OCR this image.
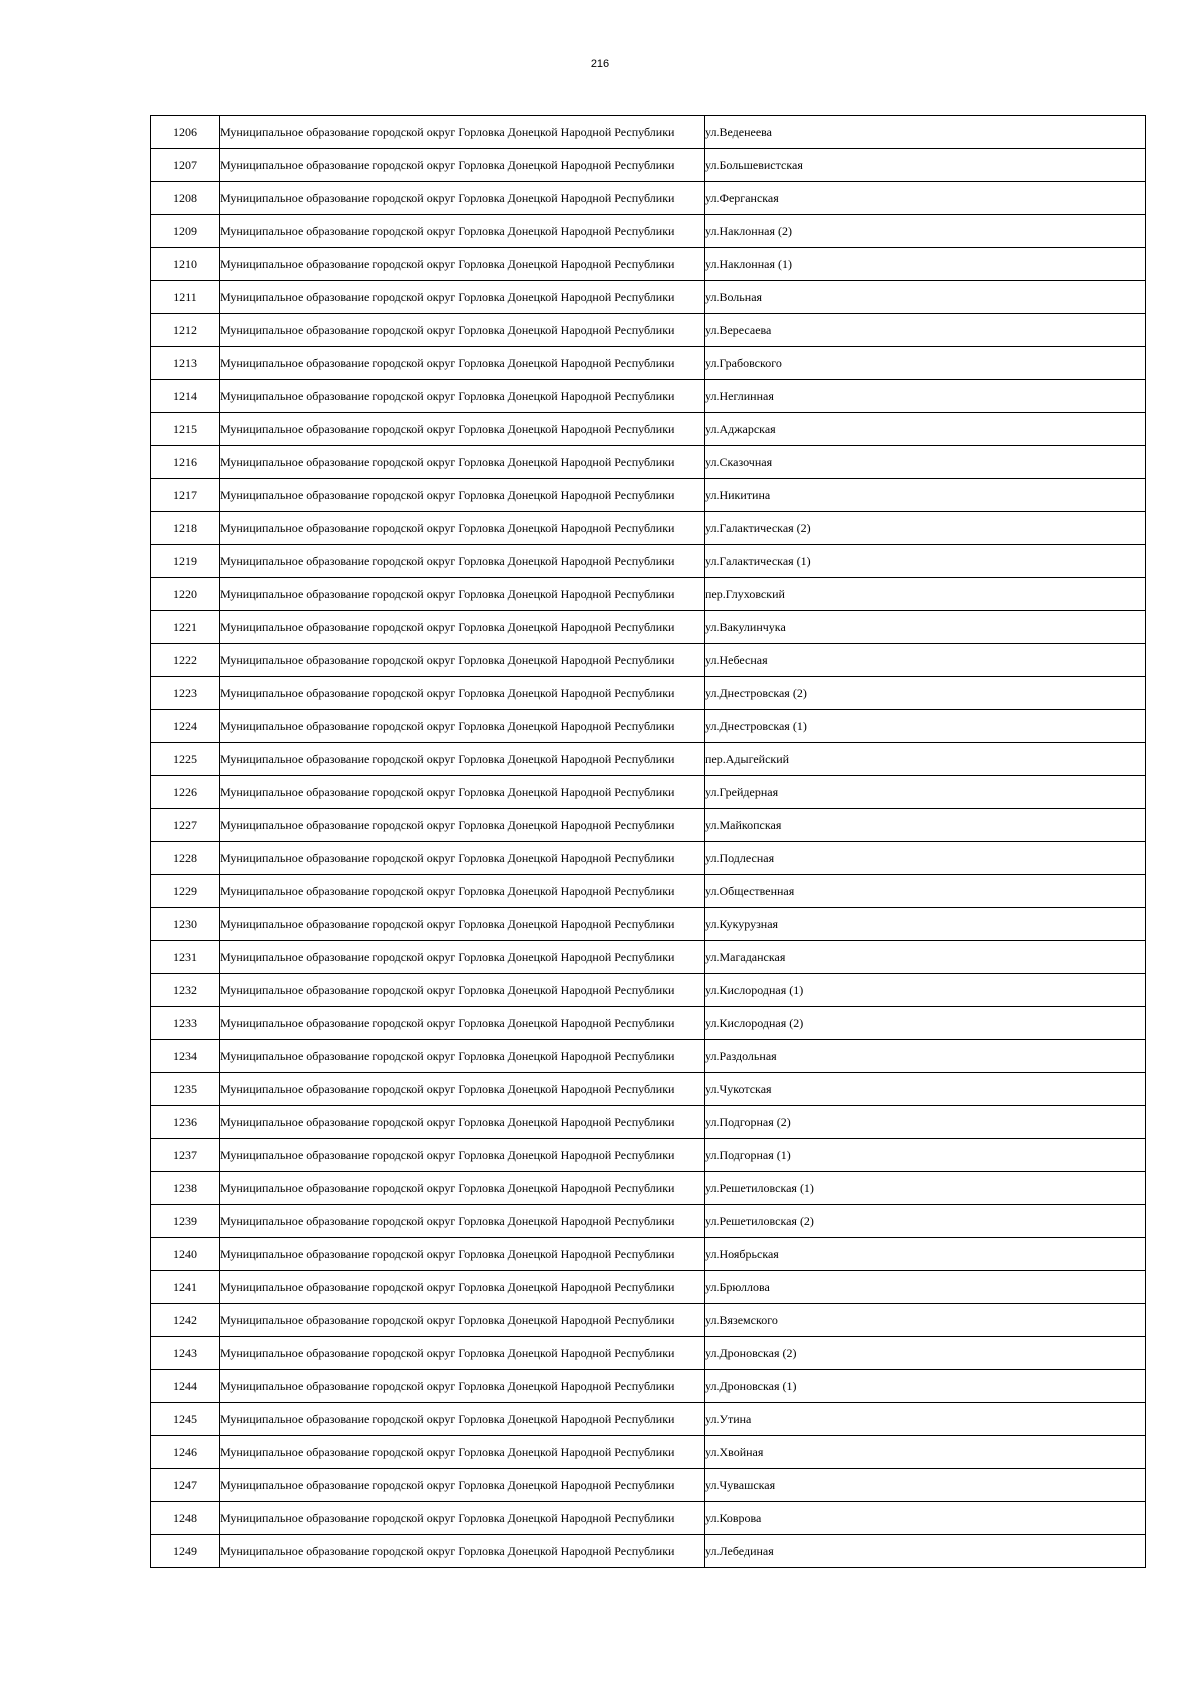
216
1206	Муниципальное образование городской округ Горловка Донецкой Народной Республики	ул.Веденеева
1207	Муниципальное образование городской округ Горловка Донецкой Народной Республики	ул.Большевистская
1208	Муниципальное образование городской округ Горловка Донецкой Народной Республики	ул.Ферганская
1209	Муниципальное образование городской округ Горловка Донецкой Народной Республики	ул.Наклонная (2)
1210	Муниципальное образование городской округ Горловка Донецкой Народной Республики	ул.Наклонная (1)
1211	Муниципальное образование городской округ Горловка Донецкой Народной Республики	ул.Вольная
1212	Муниципальное образование городской округ Горловка Донецкой Народной Республики	ул.Вересаева
1213	Муниципальное образование городской округ Горловка Донецкой Народной Республики	ул.Грабовского
1214	Муниципальное образование городской округ Горловка Донецкой Народной Республики	ул.Неглинная
1215	Муниципальное образование городской округ Горловка Донецкой Народной Республики	ул.Аджарская
1216	Муниципальное образование городской округ Горловка Донецкой Народной Республики	ул.Сказочная
1217	Муниципальное образование городской округ Горловка Донецкой Народной Республики	ул.Никитина
1218	Муниципальное образование городской округ Горловка Донецкой Народной Республики	ул.Галактическая (2)
1219	Муниципальное образование городской округ Горловка Донецкой Народной Республики	ул.Галактическая (1)
1220	Муниципальное образование городской округ Горловка Донецкой Народной Республики	пер.Глуховский
1221	Муниципальное образование городской округ Горловка Донецкой Народной Республики	ул.Вакулинчука
1222	Муниципальное образование городской округ Горловка Донецкой Народной Республики	ул.Небесная
1223	Муниципальное образование городской округ Горловка Донецкой Народной Республики	ул.Днестровская (2)
1224	Муниципальное образование городской округ Горловка Донецкой Народной Республики	ул.Днестровская (1)
1225	Муниципальное образование городской округ Горловка Донецкой Народной Республики	пер.Адыгейский
1226	Муниципальное образование городской округ Горловка Донецкой Народной Республики	ул.Грейдерная
1227	Муниципальное образование городской округ Горловка Донецкой Народной Республики	ул.Майкопская
1228	Муниципальное образование городской округ Горловка Донецкой Народной Республики	ул.Подлесная
1229	Муниципальное образование городской округ Горловка Донецкой Народной Республики	ул.Общественная
1230	Муниципальное образование городской округ Горловка Донецкой Народной Республики	ул.Кукурузная
1231	Муниципальное образование городской округ Горловка Донецкой Народной Республики	ул.Магаданская
1232	Муниципальное образование городской округ Горловка Донецкой Народной Республики	ул.Кислородная (1)
1233	Муниципальное образование городской округ Горловка Донецкой Народной Республики	ул.Кислородная (2)
1234	Муниципальное образование городской округ Горловка Донецкой Народной Республики	ул.Раздольная
1235	Муниципальное образование городской округ Горловка Донецкой Народной Республики	ул.Чукотская
1236	Муниципальное образование городской округ Горловка Донецкой Народной Республики	ул.Подгорная (2)
1237	Муниципальное образование городской округ Горловка Донецкой Народной Республики	ул.Подгорная (1)
1238	Муниципальное образование городской округ Горловка Донецкой Народной Республики	ул.Решетиловская (1)
1239	Муниципальное образование городской округ Горловка Донецкой Народной Республики	ул.Решетиловская (2)
1240	Муниципальное образование городской округ Горловка Донецкой Народной Республики	ул.Ноябрьская
1241	Муниципальное образование городской округ Горловка Донецкой Народной Республики	ул.Брюллова
1242	Муниципальное образование городской округ Горловка Донецкой Народной Республики	ул.Вяземского
1243	Муниципальное образование городской округ Горловка Донецкой Народной Республики	ул.Дроновская (2)
1244	Муниципальное образование городской округ Горловка Донецкой Народной Республики	ул.Дроновская (1)
1245	Муниципальное образование городской округ Горловка Донецкой Народной Республики	ул.Утина
1246	Муниципальное образование городской округ Горловка Донецкой Народной Республики	ул.Хвойная
1247	Муниципальное образование городской округ Горловка Донецкой Народной Республики	ул.Чувашская
1248	Муниципальное образование городской округ Горловка Донецкой Народной Республики	ул.Коврова
1249	Муниципальное образование городской округ Горловка Донецкой Народной Республики	ул.Лебединая
